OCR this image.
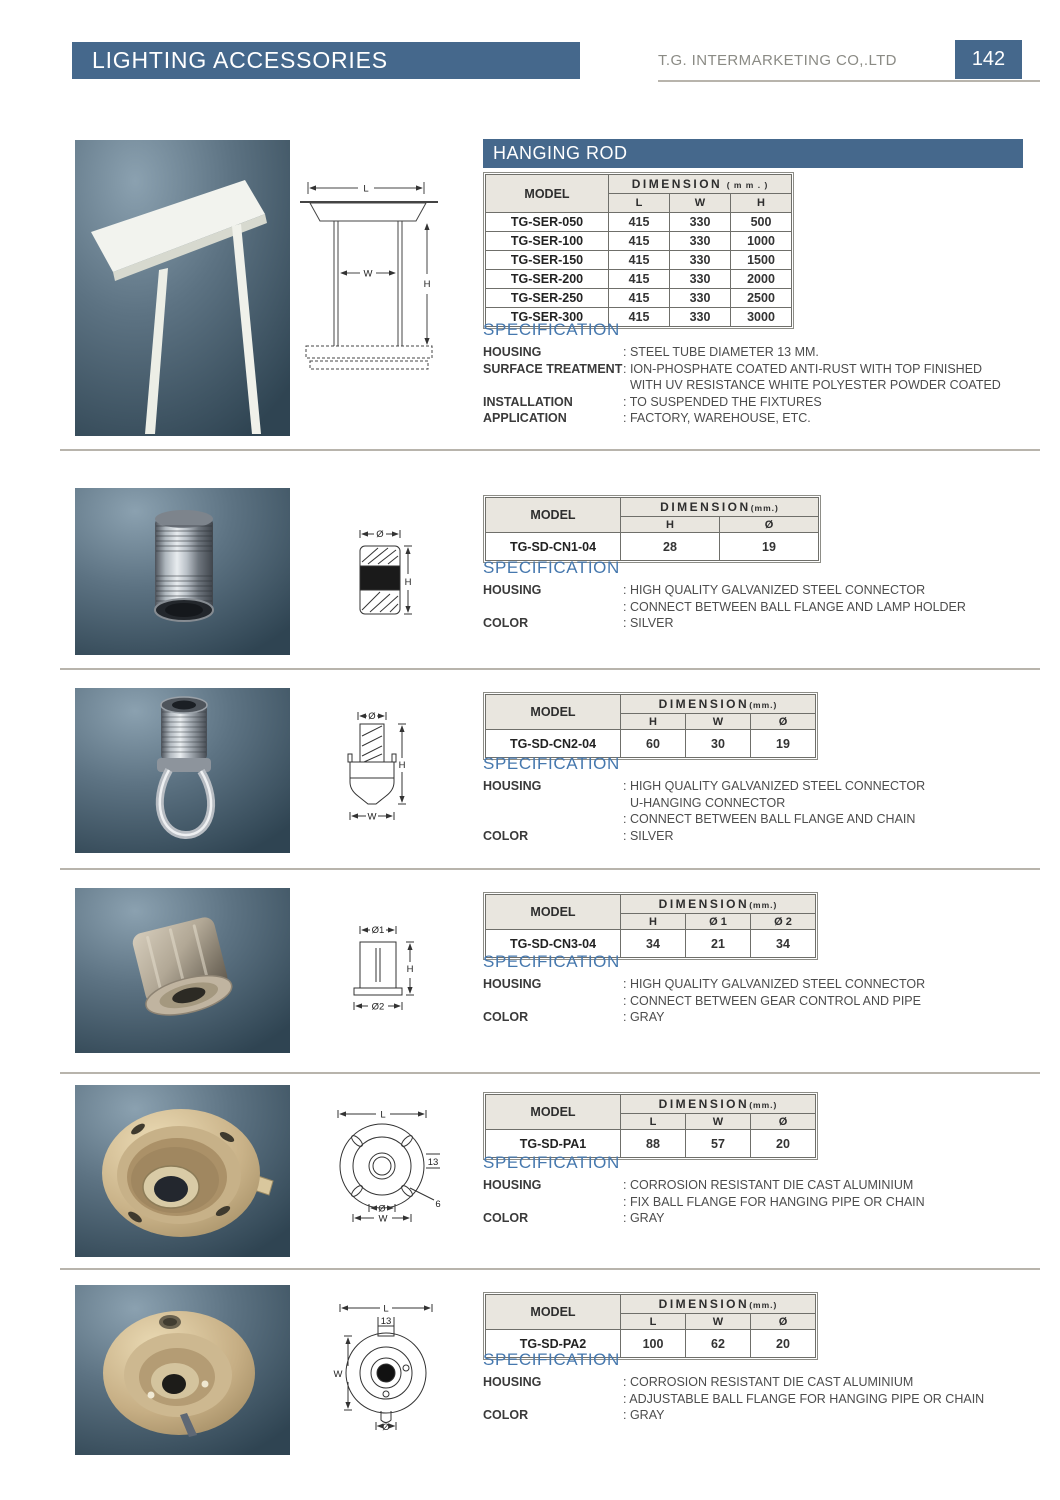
LIGHTING ACCESSORIES	T.G. INTERMARKETING CO,.LTD	142
L
W
H
HANGING ROD
MODEL	DIMENSION ( m m . )		
	L	W	H
TG-SER-050	415	330	500
TG-SER-100	415	330	1000
TG-SER-150	415	330	1500
TG-SER-200	415	330	2000
TG-SER-250	415	330	2500
TG-SER-300	415	330	3000
SPECIFICATION
HOUSING	: STEEL TUBE DIAMETER 13 MM.
SURFACE TREATMENT : ION-PHOSPHATE COATED ANTI-RUST WITH TOP FINISHED
WITH UV RESISTANCE WHITE POLYESTER POWDER COATED
INSTALLATION	: TO SUSPENDED THE FIXTURES
APPLICATION	: FACTORY, WAREHOUSE, ETC.
Ø
H
MODEL	DIMENSION(mm.)	
	H	Ø
TG-SD-CN1-04	28	19
SPECIFICATION
HOUSING	: HIGH QUALITY GALVANIZED STEEL CONNECTOR
: CONNECT BETWEEN BALL FLANGE AND LAMP HOLDER
COLOR	: SILVER
Ø
H
W
MODEL	DIMENSION(mm.)		
	H	W	Ø
TG-SD-CN2-04	60	30	19
SPECIFICATION
HOUSING	: HIGH QUALITY GALVANIZED STEEL CONNECTOR
U-HANGING CONNECTOR
: CONNECT BETWEEN BALL FLANGE AND CHAIN
COLOR	: SILVER
Ø1
H
Ø2
MODEL	DIMENSION(mm.)		
	H	Ø 1	Ø 2
TG-SD-CN3-04	34	21	34
SPECIFICATION
HOUSING	: HIGH QUALITY GALVANIZED STEEL CONNECTOR
: CONNECT BETWEEN GEAR CONTROL AND PIPE
COLOR	: GRAY
L
13
6
Ø
W
MODEL	DIMENSION(mm.)		
	L	W	Ø
TG-SD-PA1	88	57	20
SPECIFICATION
HOUSING	: CORROSION RESISTANT DIE CAST ALUMINIUM
: FIX BALL FLANGE FOR HANGING PIPE OR CHAIN
COLOR	: GRAY
L
13
W
Ø
MODEL	DIMENSION(mm.)		
	L	W	Ø
TG-SD-PA2	100	62	20
SPECIFICATION
HOUSING	: CORROSION RESISTANT DIE CAST ALUMINIUM
: ADJUSTABLE BALL FLANGE FOR HANGING PIPE OR CHAIN
COLOR	: GRAY
